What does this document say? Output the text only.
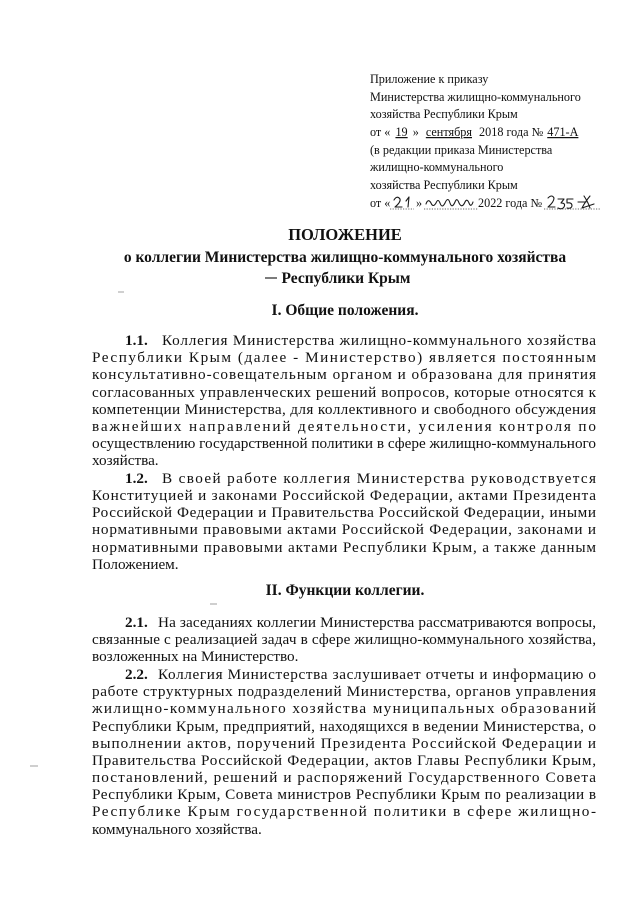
Приложение к приказу
Министерства жилищно-коммунального
хозяйства Республики Крым
от « 19 » сентября 2018 года № 471-А
(в редакции приказа Министерства
жилищно-коммунального
хозяйства Республики Крым
от « »	2022 года №
ПОЛОЖЕНИЕ
о коллегии Министерства жилищно-коммунального хозяйства
Республики Крым
I. Общие положения.
1.1. Коллегия Министерства жилищно-коммунального хозяйства
Республики Крым (далее - Министерство) является постоянным
консультативно-совещательным органом и образована для принятия
согласованных управленческих решений вопросов, которые относятся к
компетенции Министерства, для коллективного и свободного обсуждения
важнейших направлений деятельности, усиления контроля по
осуществлению государственной политики в сфере жилищно-коммунального
хозяйства.
1.2. В своей работе коллегия Министерства руководствуется
Конституцией и законами Российской Федерации, актами Президента
Российской Федерации и Правительства Российской Федерации, иными
нормативными правовыми актами Российской Федерации, законами и
нормативными правовыми актами Республики Крым, а также данным
Положением.
II. Функции коллегии.
2.1. На заседаниях коллегии Министерства рассматриваются вопросы,
связанные с реализацией задач в сфере жилищно-коммунального хозяйства,
возложенных на Министерство.
2.2. Коллегия Министерства заслушивает отчеты и информацию о
работе структурных подразделений Министерства, органов управления
жилищно-коммунального хозяйства муниципальных образований
Республики Крым, предприятий, находящихся в ведении Министерства, о
выполнении актов, поручений Президента Российской Федерации и
Правительства Российской Федерации, актов Главы Республики Крым,
постановлений, решений и распоряжений Государственного Совета
Республики Крым, Совета министров Республики Крым по реализации в
Республике Крым государственной политики в сфере жилищно-
коммунального хозяйства.
